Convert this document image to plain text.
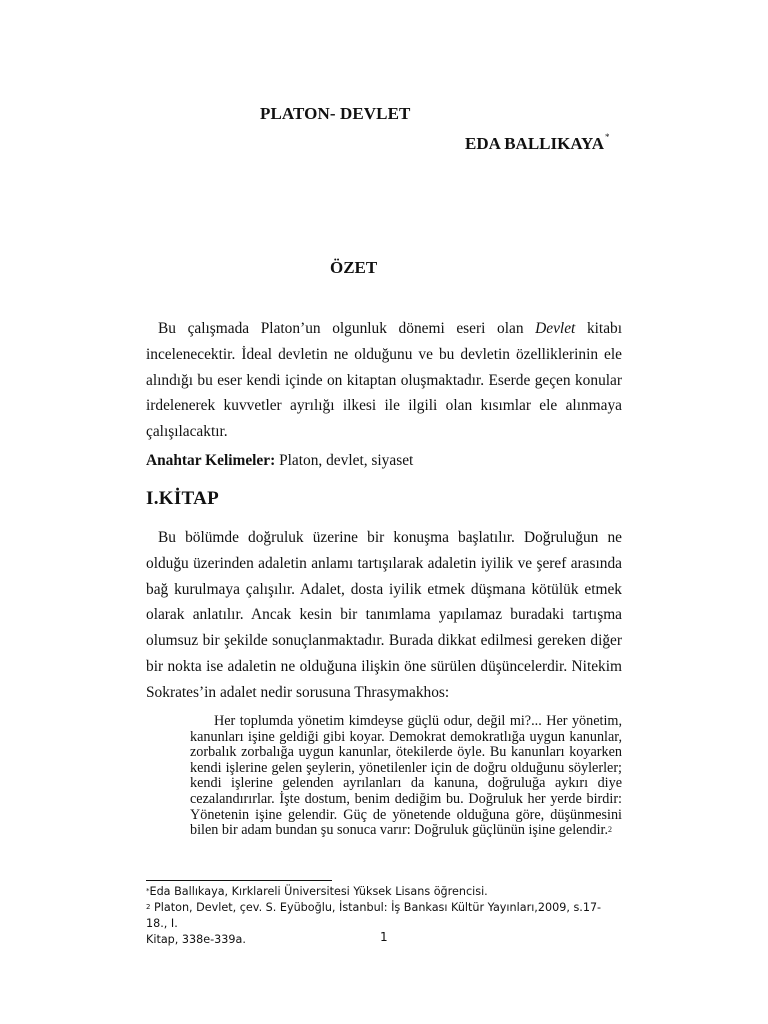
PLATON- DEVLET
EDA BALLIKAYA*
ÖZET
Bu çalışmada Platon’un olgunluk dönemi eseri olan Devlet kitabı
incelenecektir. İdeal devletin ne olduğunu ve bu devletin özelliklerinin ele
alındığı bu eser kendi içinde on kitaptan oluşmaktadır. Eserde geçen konular
irdelenerek kuvvetler ayrılığı ilkesi ile ilgili olan kısımlar ele alınmaya
çalışılacaktır.
Anahtar Kelimeler: Platon, devlet, siyaset
I.KİTAP
Bu bölümde doğruluk üzerine bir konuşma başlatılır. Doğruluğun ne
olduğu üzerinden adaletin anlamı tartışılarak adaletin iyilik ve şeref arasında
bağ kurulmaya çalışılır. Adalet, dosta iyilik etmek düşmana kötülük etmek
olarak anlatılır. Ancak kesin bir tanımlama yapılamaz buradaki tartışma
olumsuz bir şekilde sonuçlanmaktadır. Burada dikkat edilmesi gereken diğer
bir nokta ise adaletin ne olduğuna ilişkin öne sürülen düşüncelerdir. Nitekim
Sokrates’in adalet nedir sorusuna Thrasymakhos:
Her toplumda yönetim kimdeyse güçlü odur, değil mi?... Her yönetim,
kanunları işine geldiği gibi koyar. Demokrat demokratlığa uygun kanunlar,
zorbalık zorbalığa uygun kanunlar, ötekilerde öyle. Bu kanunları koyarken
kendi işlerine gelen şeylerin, yönetilenler için de doğru olduğunu söylerler;
kendi işlerine gelenden ayrılanları da kanuna, doğruluğa aykırı diye
cezalandırırlar. İşte dostum, benim dediğim bu. Doğruluk her yerde birdir:
Yönetenin işine gelendir. Güç de yönetende olduğuna göre, düşünmesini
bilen bir adam bundan şu sonuca varır: Doğruluk güçlünün işine gelendir.$^2$
*Eda Ballıkaya, Kırklareli Üniversitesi Yüksek Lisans öğrencisi.
$^2$ Platon, Devlet, çev. S. Eyüboğlu, İstanbul: İş Bankası Kültür Yayınları,2009, s.17-18., I.
Kitap, 338e-339a.	1
